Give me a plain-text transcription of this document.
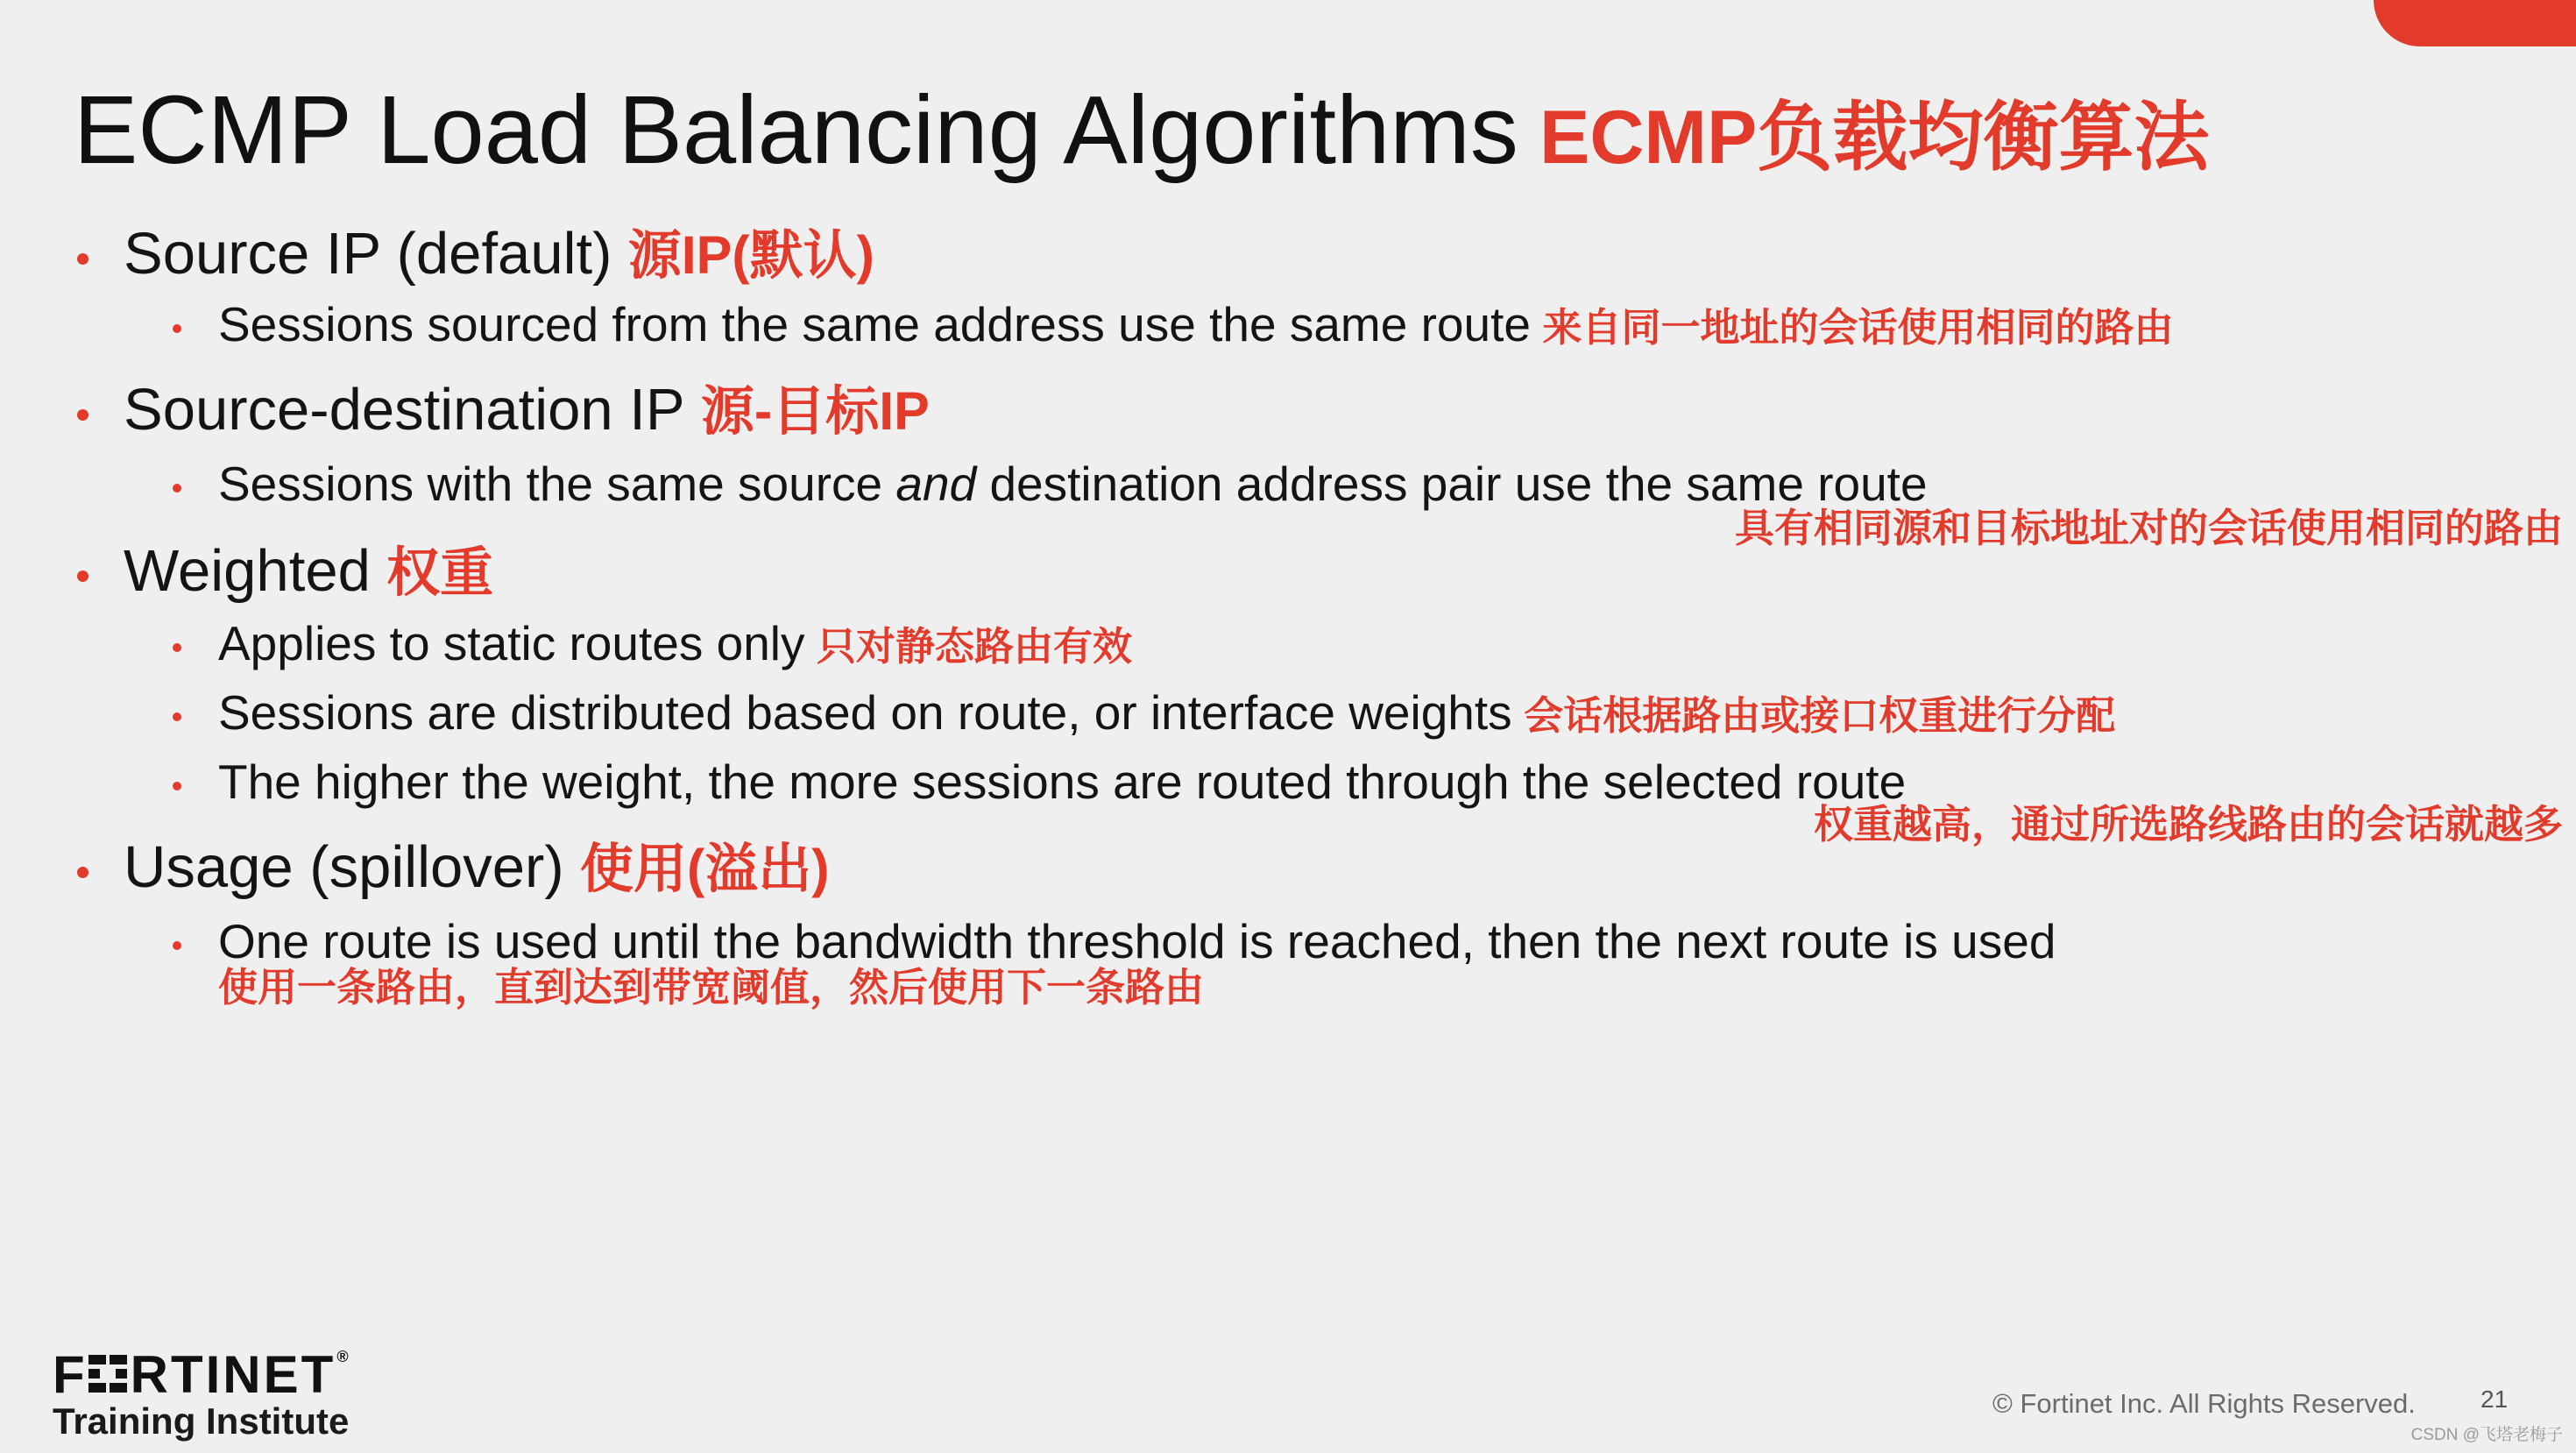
ECMP Load Balancing Algorithms ECMP负载均衡算法
Source IP (default) 源IP(默认)
Sessions sourced from the same address use the same route 来自同一地址的会话使用相同的路由
Source-destination IP 源-目标IP
Sessions with the same source and destination address pair use the same route
具有相同源和目标地址对的会话使用相同的路由
Weighted 权重
Applies to static routes only 只对静态路由有效
Sessions are distributed based on route, or interface weights 会话根据路由或接口权重进行分配
The higher the weight, the more sessions are routed through the selected route
权重越高，通过所选路线路由的会话就越多
Usage (spillover) 使用(溢出)
One route is used until the bandwidth threshold is reached, then the next route is used
使用一条路由，直到达到带宽阈值，然后使用下一条路由
F RTINET®
Training Institute	© Fortinet Inc. All Rights Reserved.	21
CSDN @飞塔老梅子
